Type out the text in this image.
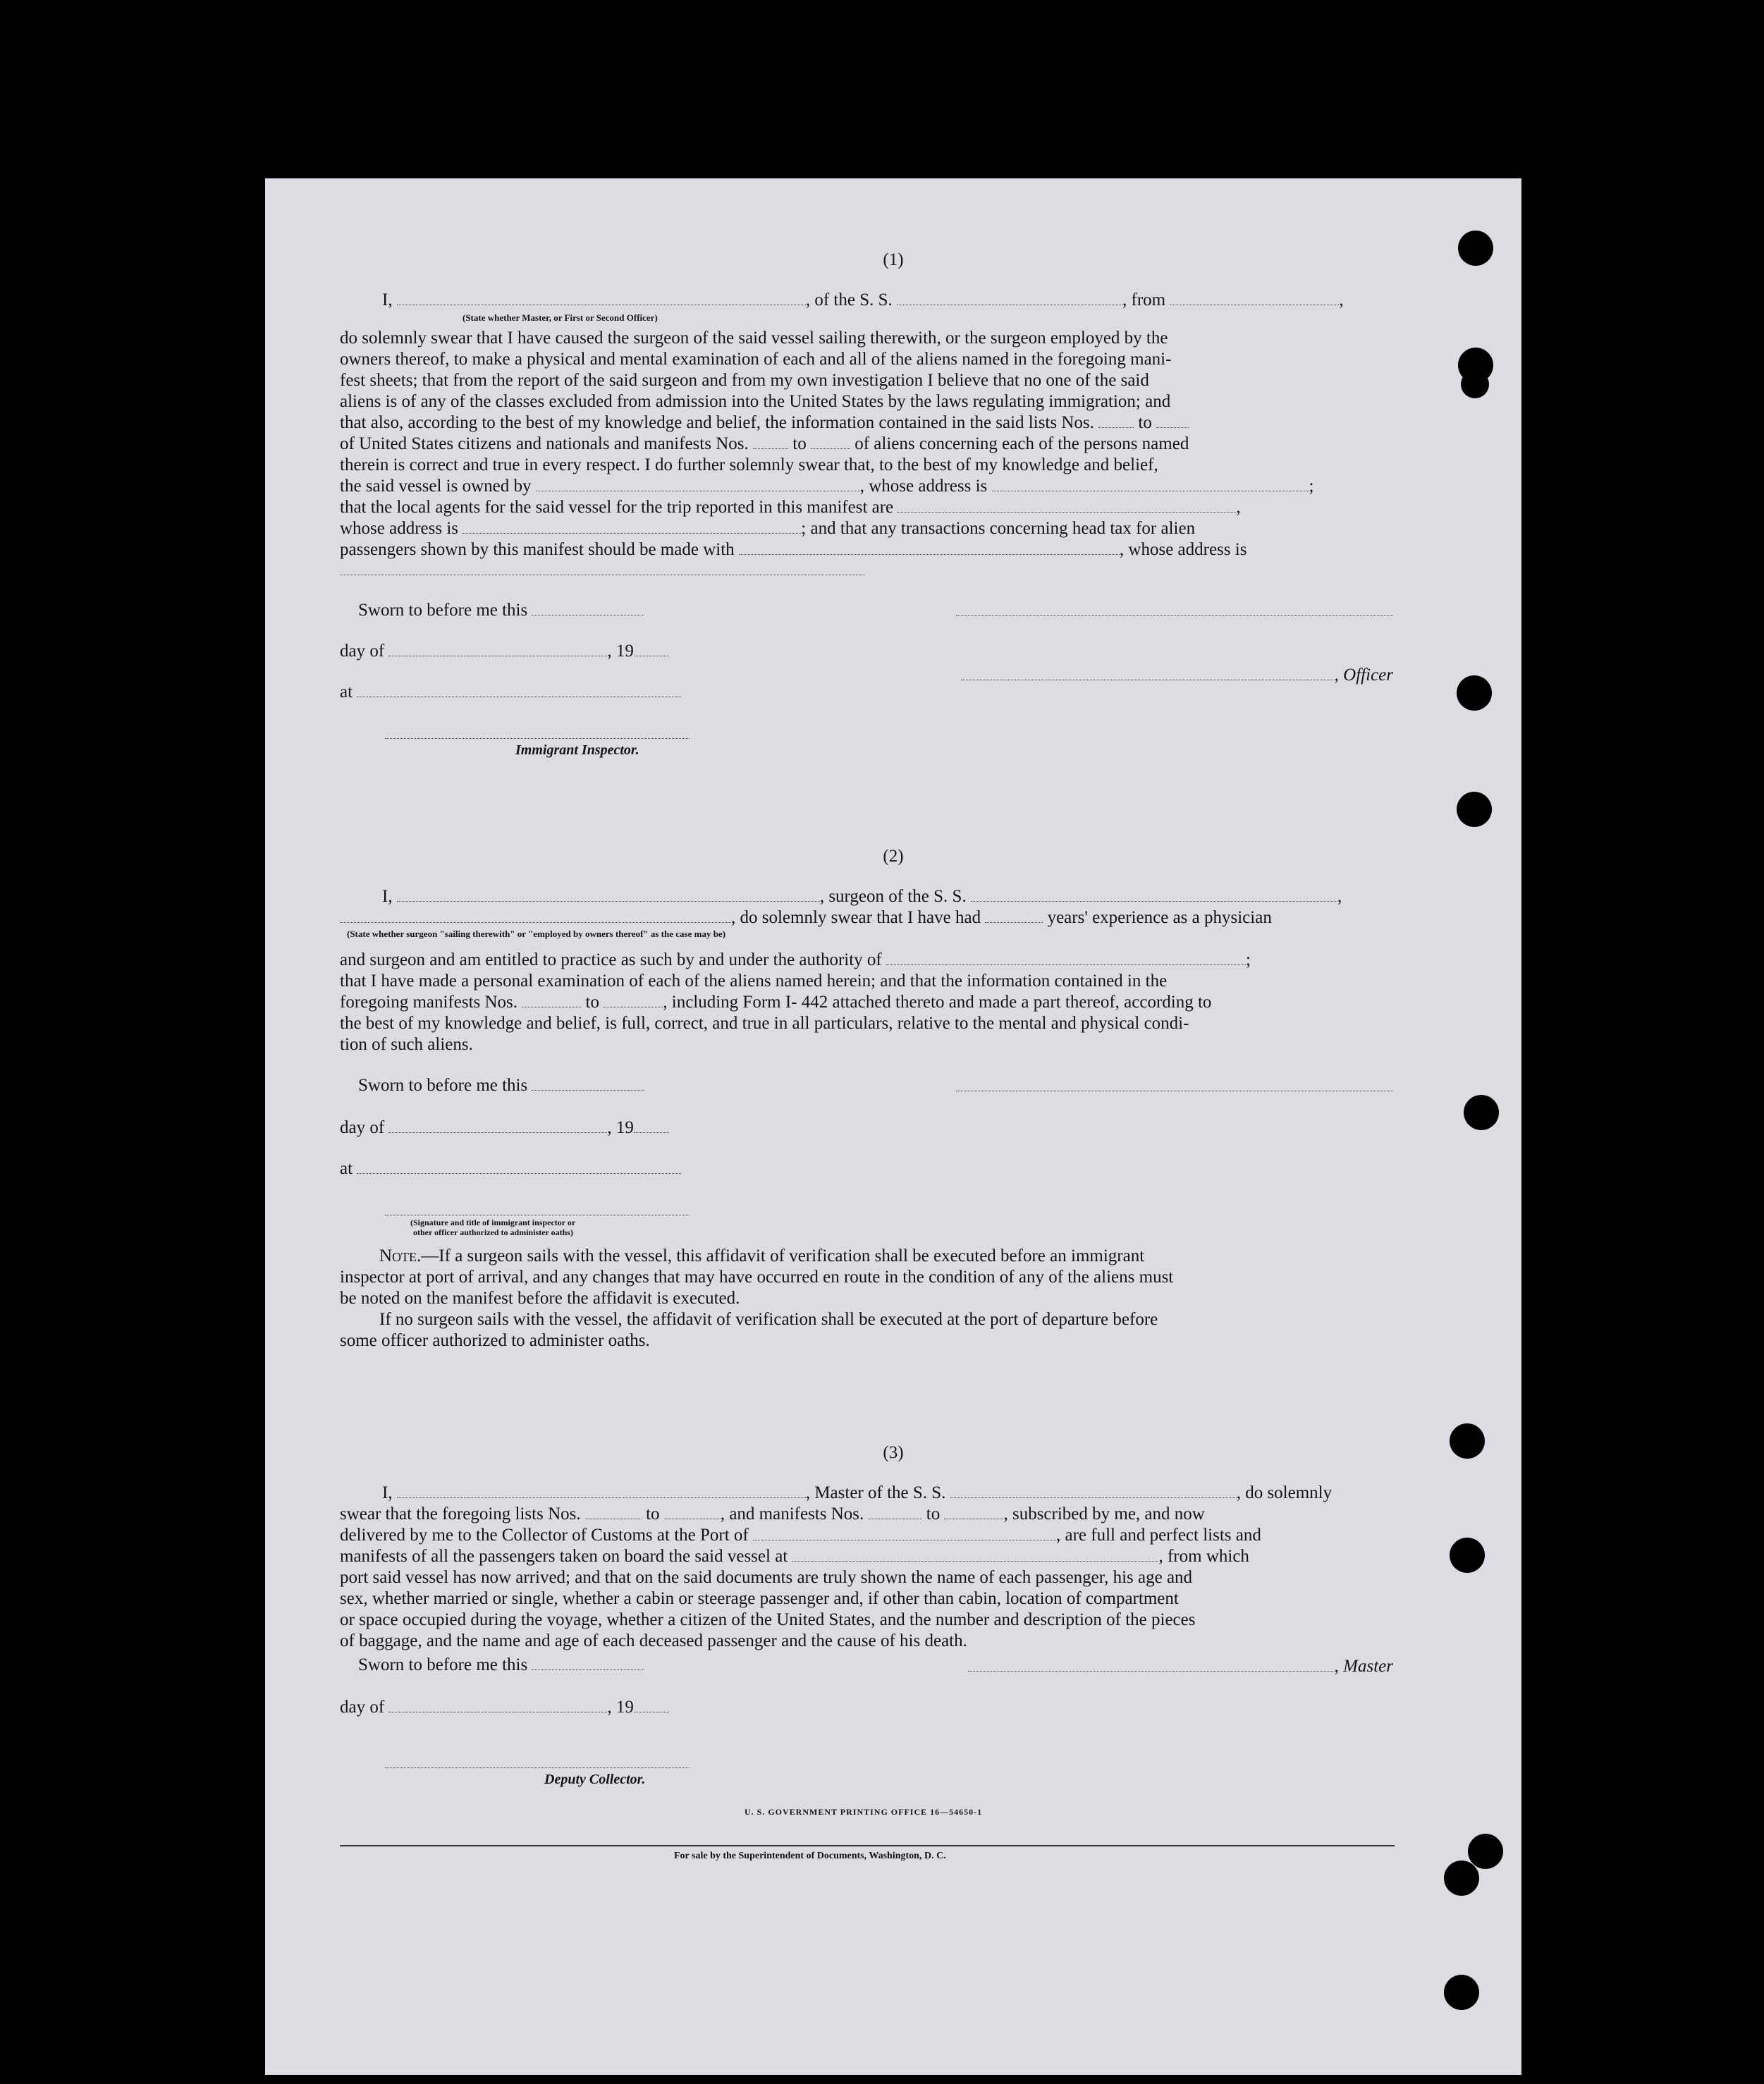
(1)
I,	, of the S. S.	, from	,
(State whether Master, or First or Second Officer)
do solemnly swear that I have caused the surgeon of the said vessel sailing therewith, or the surgeon employed by the
owners thereof, to make a physical and mental examination of each and all of the aliens named in the foregoing mani-
fest sheets; that from the report of the said surgeon and from my own investigation I believe that no one of the said
aliens is of any of the classes excluded from admission into the United States by the laws regulating immigration; and
that also, according to the best of my knowledge and belief, the information contained in the said lists Nos.	to
of United States citizens and nationals and manifests Nos.	to	of aliens concerning each of the persons named
therein is correct and true in every respect. I do further solemnly swear that, to the best of my knowledge and belief,
the said vessel is owned by	, whose address is	;
that the local agents for the said vessel for the trip reported in this manifest are	,
whose address is	; and that any transactions concerning head tax for alien
passengers shown by this manifest should be made with	, whose address is
Sworn to before me this
day of	, 19
, Officer
at
Immigrant Inspector.
(2)
I,	, surgeon of the S. S.	,
, do solemnly swear that I have had	years' experience as a physician
(State whether surgeon "sailing therewith" or "employed by owners thereof" as the case may be)
and surgeon and am entitled to practice as such by and under the authority of	;
that I have made a personal examination of each of the aliens named herein; and that the information contained in the
foregoing manifests Nos.	to	, including Form I- 442 attached thereto and made a part thereof, according to
the best of my knowledge and belief, is full, correct, and true in all particulars, relative to the mental and physical condi-
tion of such aliens.
Sworn to before me this
day of	, 19
at
(Signature and title of immigrant inspector or
other officer authorized to administer oaths)
Note.—If a surgeon sails with the vessel, this affidavit of verification shall be executed before an immigrant
inspector at port of arrival, and any changes that may have occurred en route in the condition of any of the aliens must
be noted on the manifest before the affidavit is executed.
If no surgeon sails with the vessel, the affidavit of verification shall be executed at the port of departure before
some officer authorized to administer oaths.
(3)
I,	, Master of the S. S.	, do solemnly
swear that the foregoing lists Nos.	to	, and manifests Nos.	to	, subscribed by me, and now
delivered by me to the Collector of Customs at the Port of	, are full and perfect lists and
manifests of all the passengers taken on board the said vessel at	, from which
port said vessel has now arrived; and that on the said documents are truly shown the name of each passenger, his age and
sex, whether married or single, whether a cabin or steerage passenger and, if other than cabin, location of compartment
or space occupied during the voyage, whether a citizen of the United States, and the number and description of the pieces
of baggage, and the name and age of each deceased passenger and the cause of his death.
Sworn to before me this	, Master
day of	, 19
Deputy Collector.
U. S. GOVERNMENT PRINTING OFFICE 16—54650-1
For sale by the Superintendent of Documents, Washington, D. C.
